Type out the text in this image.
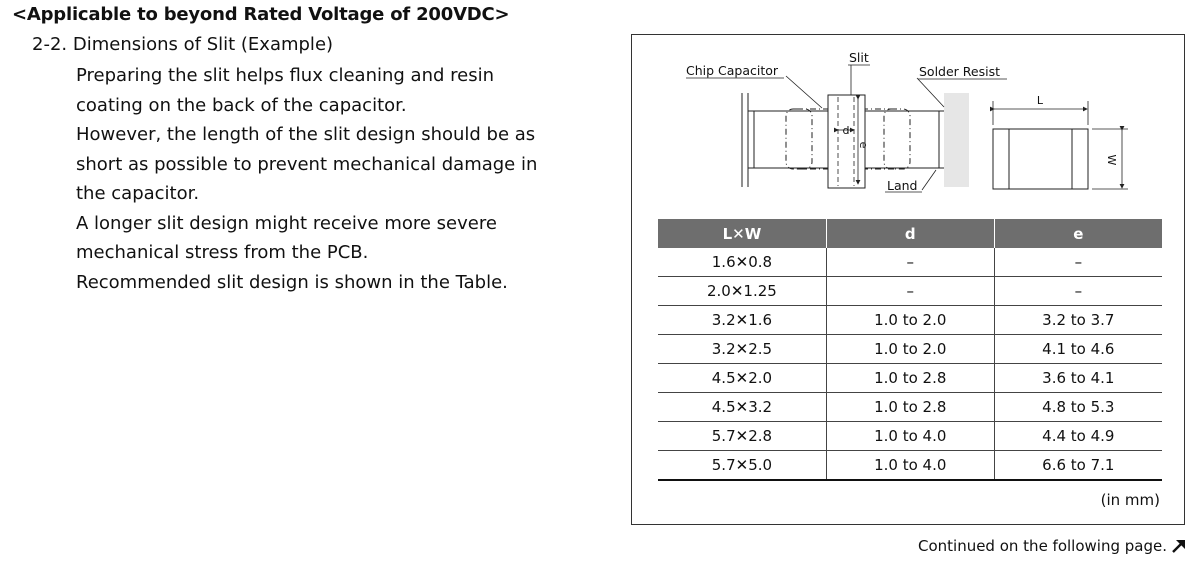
<Applicable to beyond Rated Voltage of 200VDC>
2-2. Dimensions of Slit (Example)

Preparing the slit helps flux cleaning and resin

coating on the back of the capacitor.

However, the length of the slit design should be as

short as possible to prevent mechanical damage in

the capacitor.

A longer slit design might receive more severe

mechanical stress from the PCB.

Recommended slit design is shown in the Table.

d
e
Chip Capacitor
Slit
Solder Resist
Land
L
W
L✕W	d	e
1.6✕0.8	–	–
2.0✕1.25	–	–
3.2✕1.6	1.0 to 2.0	3.2 to 3.7
3.2✕2.5	1.0 to 2.0	4.1 to 4.6
4.5✕2.0	1.0 to 2.8	3.6 to 4.1
4.5✕3.2	1.0 to 2.8	4.8 to 5.3
5.7✕2.8	1.0 to 4.0	4.4 to 4.9
5.7✕5.0	1.0 to 4.0	6.6 to 7.1
(in mm)
Continued on the following page.
